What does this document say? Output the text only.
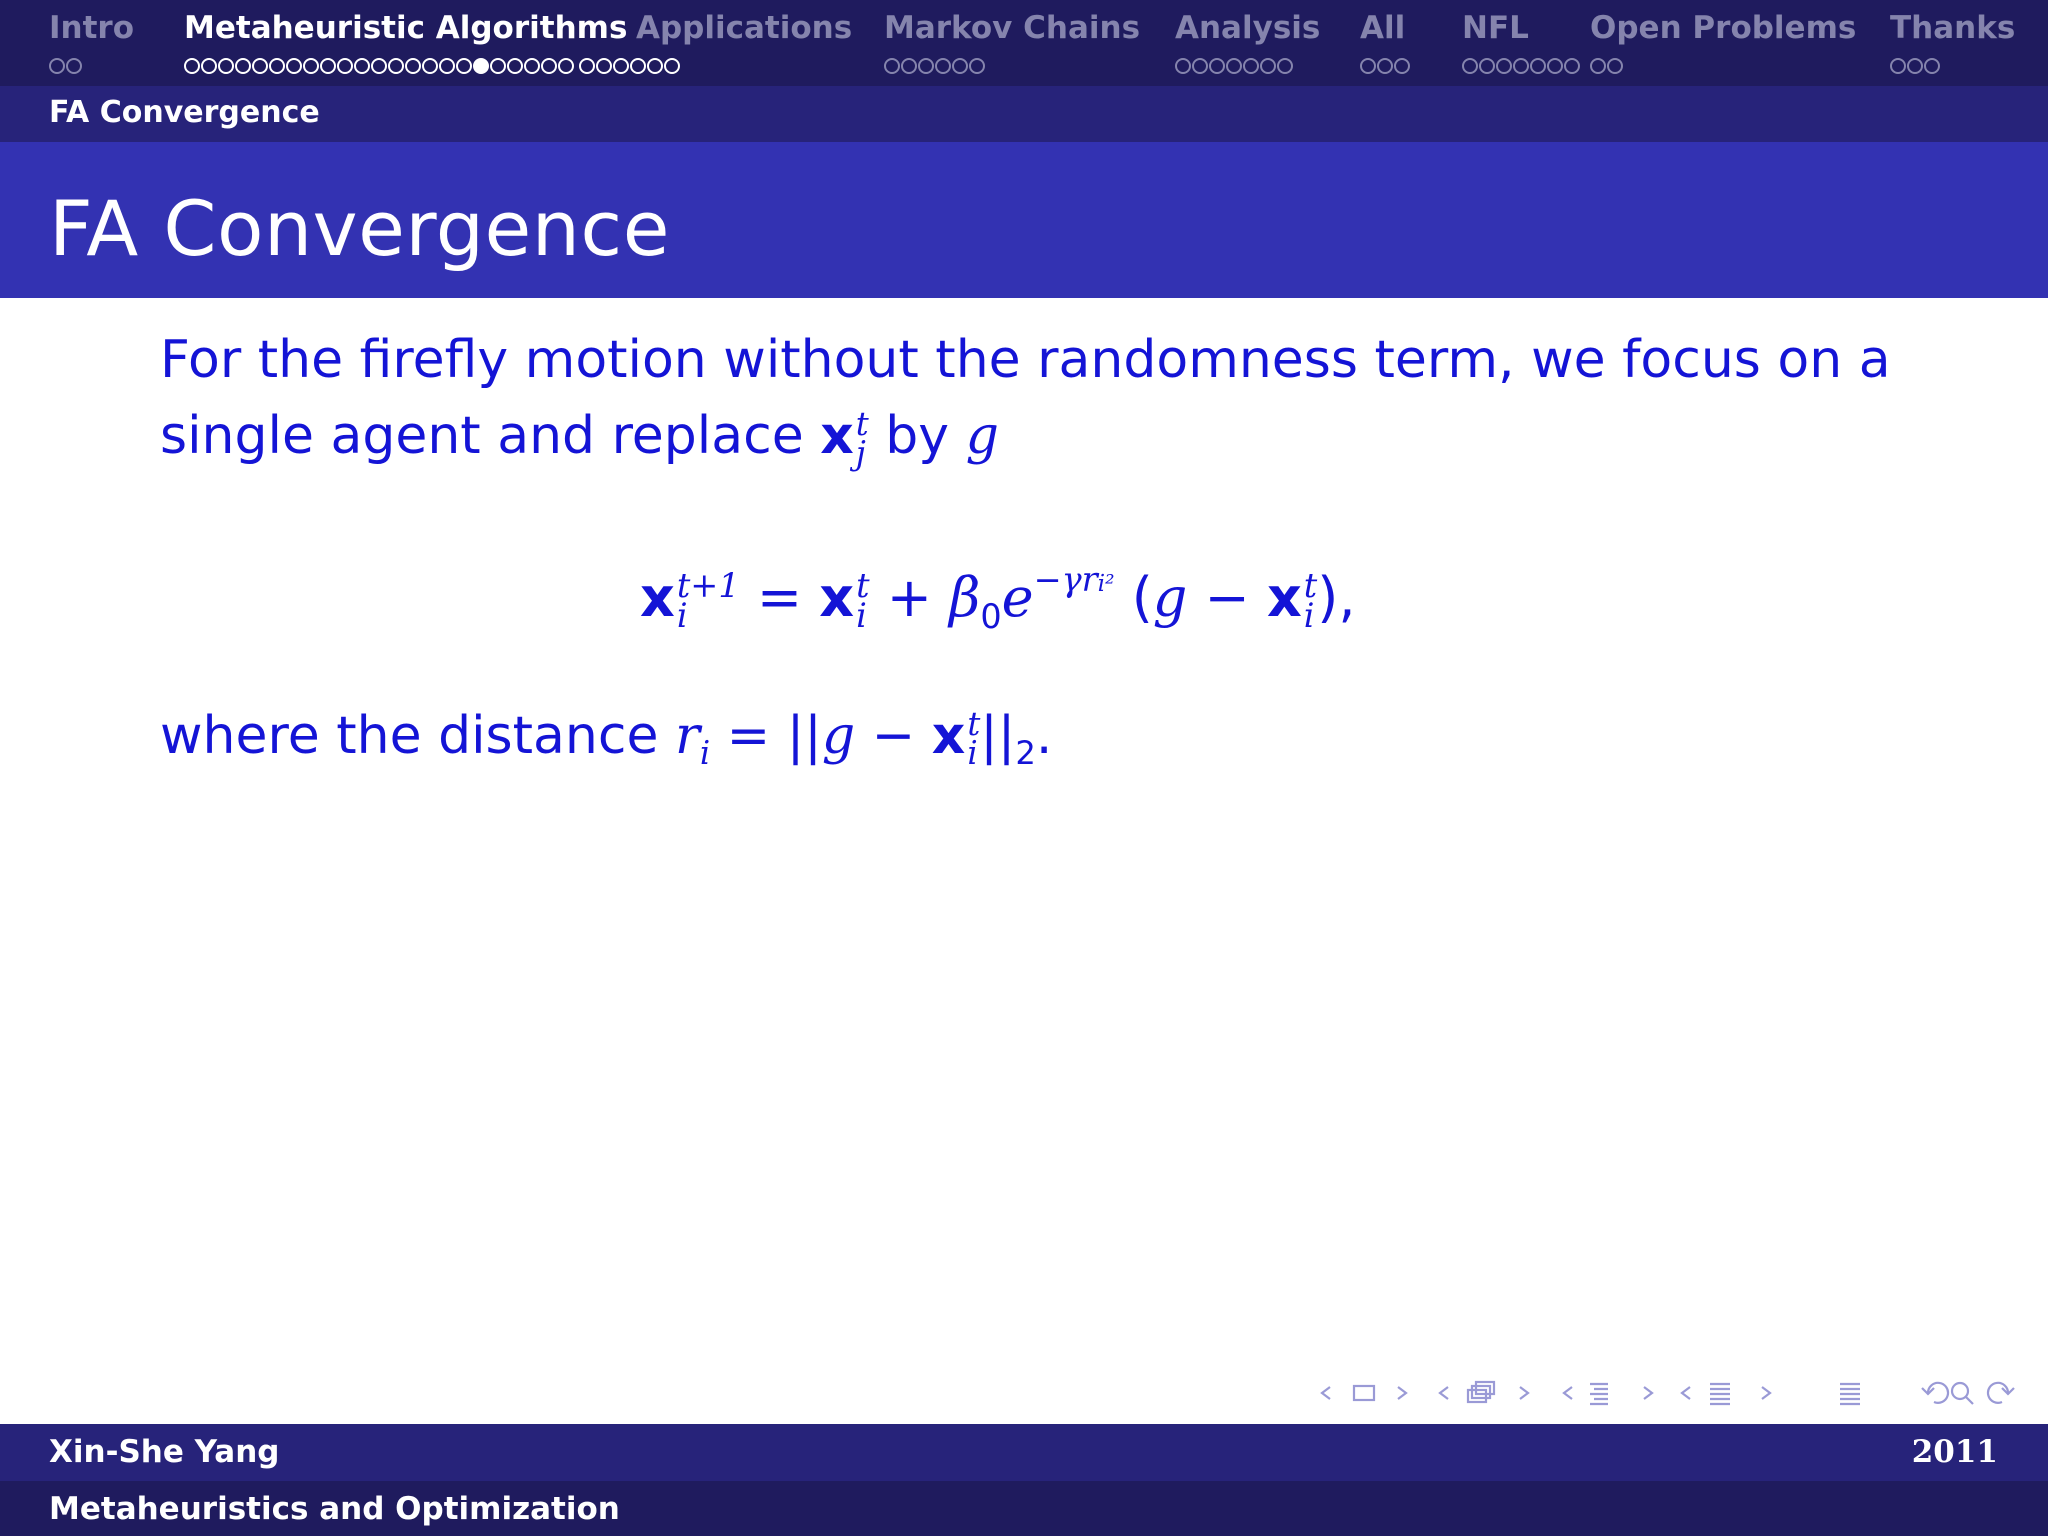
Intro Metaheuristic Algorithms Applications Markov Chains Analysis All NFL Open Problems Thanks
FA Convergence
FA Convergence
For the firefly motion without the randomness term, we focus on a
single agent and replace x t
j by g
x t+1
i	= x t
$i + \beta_0e^{-\gamma ri^2}$ (g − x t
i ),
where the distance $r_i = ||g - x$ t
i $||_2$.
Xin-She Yang	2011
Metaheuristics and Optimization
